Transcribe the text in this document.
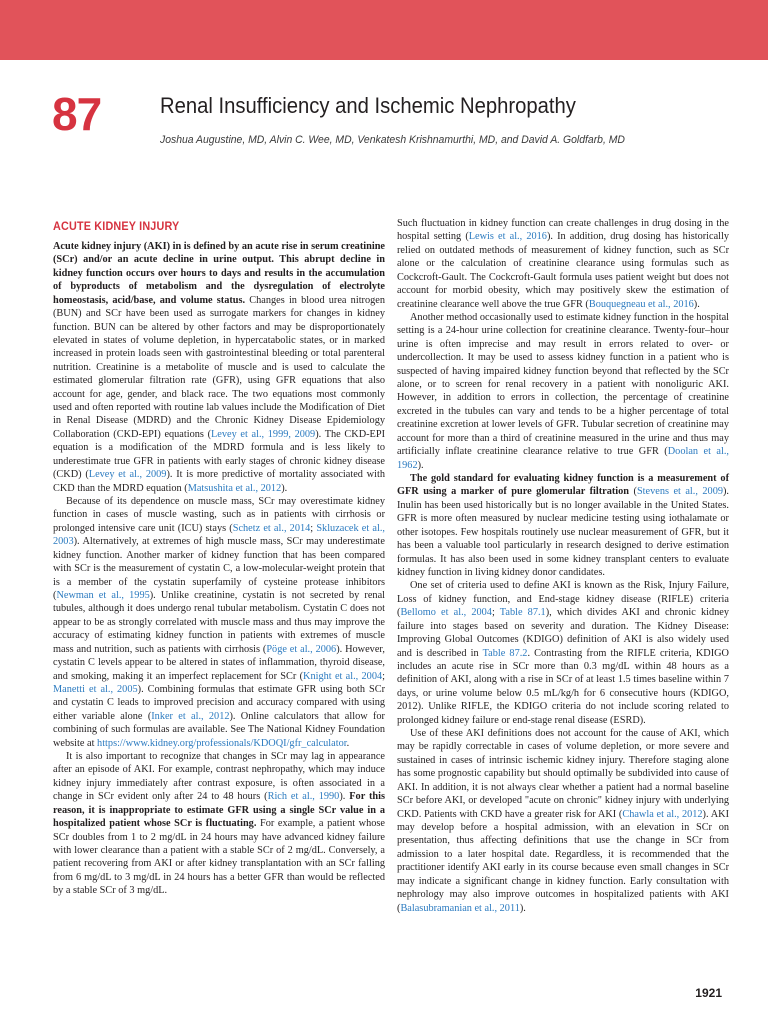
87	Renal Insufficiency and Ischemic Nephropathy
Joshua Augustine, MD, Alvin C. Wee, MD, Venkatesh Krishnamurthi, MD, and David A. Goldfarb, MD
ACUTE KIDNEY INJURY

Acute kidney injury (AKI) in is defined by an acute rise in serum creatinine (SCr) and/or an acute decline in urine output. This abrupt decline in kidney function occurs over hours to days and results in the accumulation of byproducts of metabolism and the dysregulation of electrolyte homeostasis, acid/base, and volume status. Changes in blood urea nitrogen (BUN) and SCr have been used as surrogate markers for changes in kidney function. BUN can be altered by other factors and may be disproportionately elevated in states of volume depletion, in hypercatabolic states, or in marked increased in protein loads seen with gastrointestinal bleeding or total parenteral nutrition. Creatinine is a metabolite of muscle and is used to calculate the estimated glomerular filtration rate (GFR), using GFR equations that also account for age, gender, and black race. The two equations most commonly used and often reported with routine lab values include the Modification of Diet in Renal Disease (MDRD) and the Chronic Kidney Disease Epidemiology Collaboration (CKD-EPI) equations (Levey et al., 1999, 2009). The CKD-EPI equation is a modification of the MDRD formula and is less likely to underestimate true GFR in patients with early stages of chronic kidney disease (CKD) (Levey et al., 2009). It is more predictive of mortality associated with CKD than the MDRD equation (Matsushita et al., 2012).

Because of its dependence on muscle mass, SCr may overestimate kidney function in cases of muscle wasting, such as in patients with cirrhosis or prolonged intensive care unit (ICU) stays (Schetz et al., 2014; Skluzacek et al., 2003). Alternatively, at extremes of high muscle mass, SCr may underestimate kidney function. Another marker of kidney function that has been compared with SCr is the measurement of cystatin C, a low-molecular-weight protein that is a member of the cystatin superfamily of cysteine protease inhibitors (Newman et al., 1995). Unlike creatinine, cystatin is not secreted by renal tubules, although it does undergo renal tubular metabolism. Cystatin C does not appear to be as strongly correlated with muscle mass and thus may improve the accuracy of estimating kidney function in patients with extremes of muscle mass and nutrition, such as patients with cirrhosis (Pöge et al., 2006). However, cystatin C levels appear to be altered in states of inflammation, thyroid disease, and smoking, making it an imperfect replacement for SCr (Knight et al., 2004; Manetti et al., 2005). Combining formulas that estimate GFR using both SCr and cystatin C leads to improved precision and accuracy compared with using either variable alone (Inker et al., 2012). Online calculators that allow for combining of such formulas are available. See The National Kidney Foundation website at https://www.kidney.org/professionals/KDOQI/gfr_calculator.

It is also important to recognize that changes in SCr may lag in appearance after an episode of AKI. For example, contrast nephropathy, which may induce kidney injury immediately after contrast exposure, is often associated in a change in SCr evident only after 24 to 48 hours (Rich et al., 1990). For this reason, it is inappropriate to estimate GFR using a single SCr value in a hospitalized patient whose SCr is fluctuating. For example, a patient whose SCr doubles from 1 to 2 mg/dL in 24 hours may have advanced kidney failure with lower clearance than a patient with a stable SCr of 2 mg/dL. Conversely, a patient recovering from AKI or after kidney transplantation with an SCr falling from 6 mg/dL to 3 mg/dL in 24 hours has a better GFR than would be reflected by a stable SCr of 3 mg/dL.

Such fluctuation in kidney function can create challenges in drug dosing in the hospital setting (Lewis et al., 2016). In addition, drug dosing has historically relied on outdated methods of measurement of kidney function, such as SCr alone or the calculation of creatinine clearance using formulas such as Cockcroft-Gault. The Cockcroft-Gault formula uses patient weight but does not account for morbid obesity, which may positively skew the estimation of creatinine clearance well above the true GFR (Bouquegneau et al., 2016).

Another method occasionally used to estimate kidney function in the hospital setting is a 24-hour urine collection for creatinine clearance. Twenty-four–hour urine is often imprecise and may result in errors related to over- or undercollection. It may be used to assess kidney function in a patient who is suspected of having impaired kidney function beyond that reflected by the SCr alone, or to screen for renal recovery in a patient with nonoliguric AKI. However, in addition to errors in collection, the percentage of creatinine excreted in the tubules can vary and tends to be a higher percentage of total creatinine excretion at lower levels of GFR. Tubular secretion of creatinine may account for more than a third of creatinine measured in the urine and thus may artificially inflate creatinine clearance relative to true GFR (Doolan et al., 1962).

The gold standard for evaluating kidney function is a measurement of GFR using a marker of pure glomerular filtration (Stevens et al., 2009). Inulin has been used historically but is no longer available in the United States. GFR is more often measured by nuclear medicine testing using iothalamate or other isotopes. Few hospitals routinely use nuclear measurement of GFR, but it has been a valuable tool particularly in research designed to derive estimation formulas. It has also been used in some kidney transplant centers to evaluate kidney function in living kidney donor candidates.

One set of criteria used to define AKI is known as the Risk, Injury Failure, Loss of kidney function, and End-stage kidney disease (RIFLE) criteria (Bellomo et al., 2004; Table 87.1), which divides AKI and chronic kidney failure into stages based on severity and duration. The Kidney Disease: Improving Global Outcomes (KDIGO) definition of AKI is also widely used and is described in Table 87.2. Contrasting from the RIFLE criteria, KDIGO includes an acute rise in SCr more than 0.3 mg/dL within 48 hours as a definition of AKI, along with a rise in SCr of at least 1.5 times baseline within 7 days, or urine volume below 0.5 mL/kg/h for 6 consecutive hours (KDIGO, 2012). Unlike RIFLE, the KDIGO criteria do not include scoring related to prolonged kidney failure or end-stage renal disease (ESRD).

Use of these AKI definitions does not account for the cause of AKI, which may be rapidly correctable in cases of volume depletion, or more severe and sustained in cases of intrinsic ischemic kidney injury. Therefore staging alone has some prognostic capability but should optimally be subdivided into cause of AKI. In addition, it is not always clear whether a patient had a normal baseline SCr before AKI, or developed "acute on chronic" kidney injury with underlying CKD. Patients with CKD have a greater risk for AKI (Chawla et al., 2012). AKI may develop before a hospital admission, with an elevation in SCr on presentation, thus affecting definitions that use the change in SCr from admission to a later hospital date. Regardless, it is recommended that the practitioner identify AKI early in its course because even small changes in SCr may indicate a significant change in kidney function. Early consultation with nephrology may also improve outcomes in hospitalized patients with AKI (Balasubramanian et al., 2011).

1921
